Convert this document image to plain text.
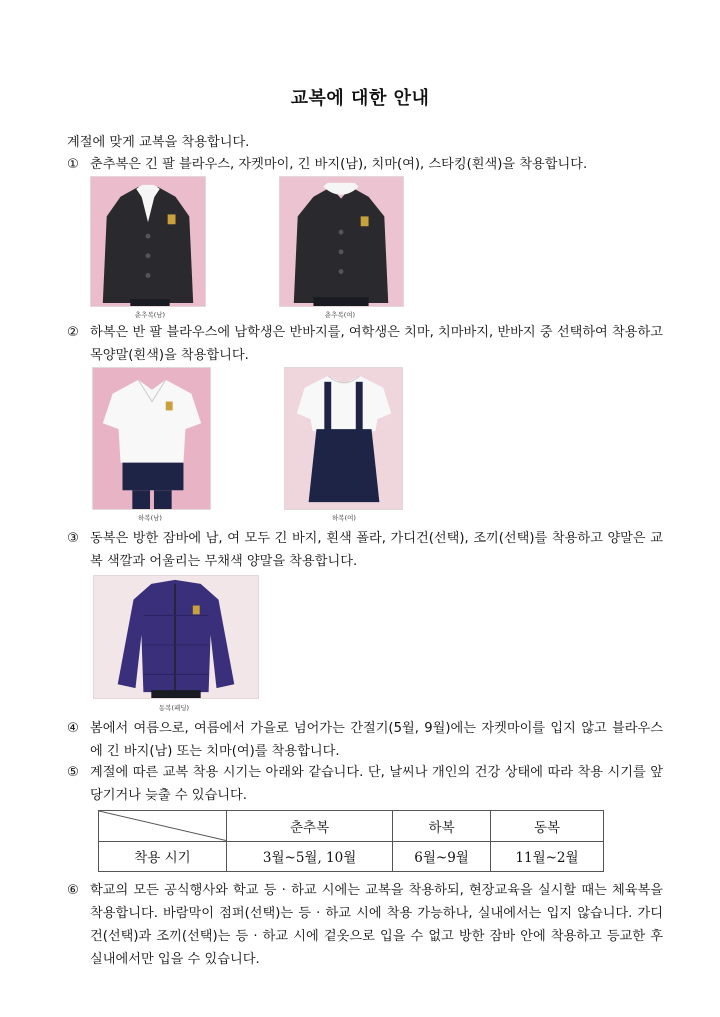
교복에 대한 안내
계절에 맞게 교복을 착용합니다.
① 춘추복은 긴 팔 블라우스, 자켓마이, 긴 바지(남), 치마(여), 스타킹(흰색)을 착용합니다.
춘추복(남)	춘추복(여)
② 하복은 반 팔 블라우스에 남학생은 반바지를, 여학생은 치마, 치마바지, 반바지 중 선택하여 착용하고 목양말(흰색)을 착용합니다.
하복(남)	하복(여)
③ 동복은 방한 잠바에 남, 여 모두 긴 바지, 흰색 폴라, 가디건(선택), 조끼(선택)를 착용하고 양말은 교복 색깔과 어울리는 무채색 양말을 착용합니다.
동복(패딩)
④ 봄에서 여름으로, 여름에서 가을로 넘어가는 간절기(5월, 9월)에는 자켓마이를 입지 않고 블라우스에 긴 바지(남) 또는 치마(여)를 착용합니다.
⑤ 계절에 따른 교복 착용 시기는 아래와 같습니다. 단, 날씨나 개인의 건강 상태에 따라 착용 시기를 앞당기거나 늦출 수 있습니다.
	춘추복	하복	동복
착용 시기	3월~5월, 10월	6월~9월	11월~2월
⑥ 학교의 모든 공식행사와 학교 등 · 하교 시에는 교복을 착용하되, 현장교육을 실시할 때는 체육복을 착용합니다. 바람막이 점퍼(선택)는 등 · 하교 시에 착용 가능하나, 실내에서는 입지 않습니다. 가디건(선택)과 조끼(선택)는 등 · 하교 시에 겉옷으로 입을 수 없고 방한 잠바 안에 착용하고 등교한 후 실내에서만 입을 수 있습니다.
